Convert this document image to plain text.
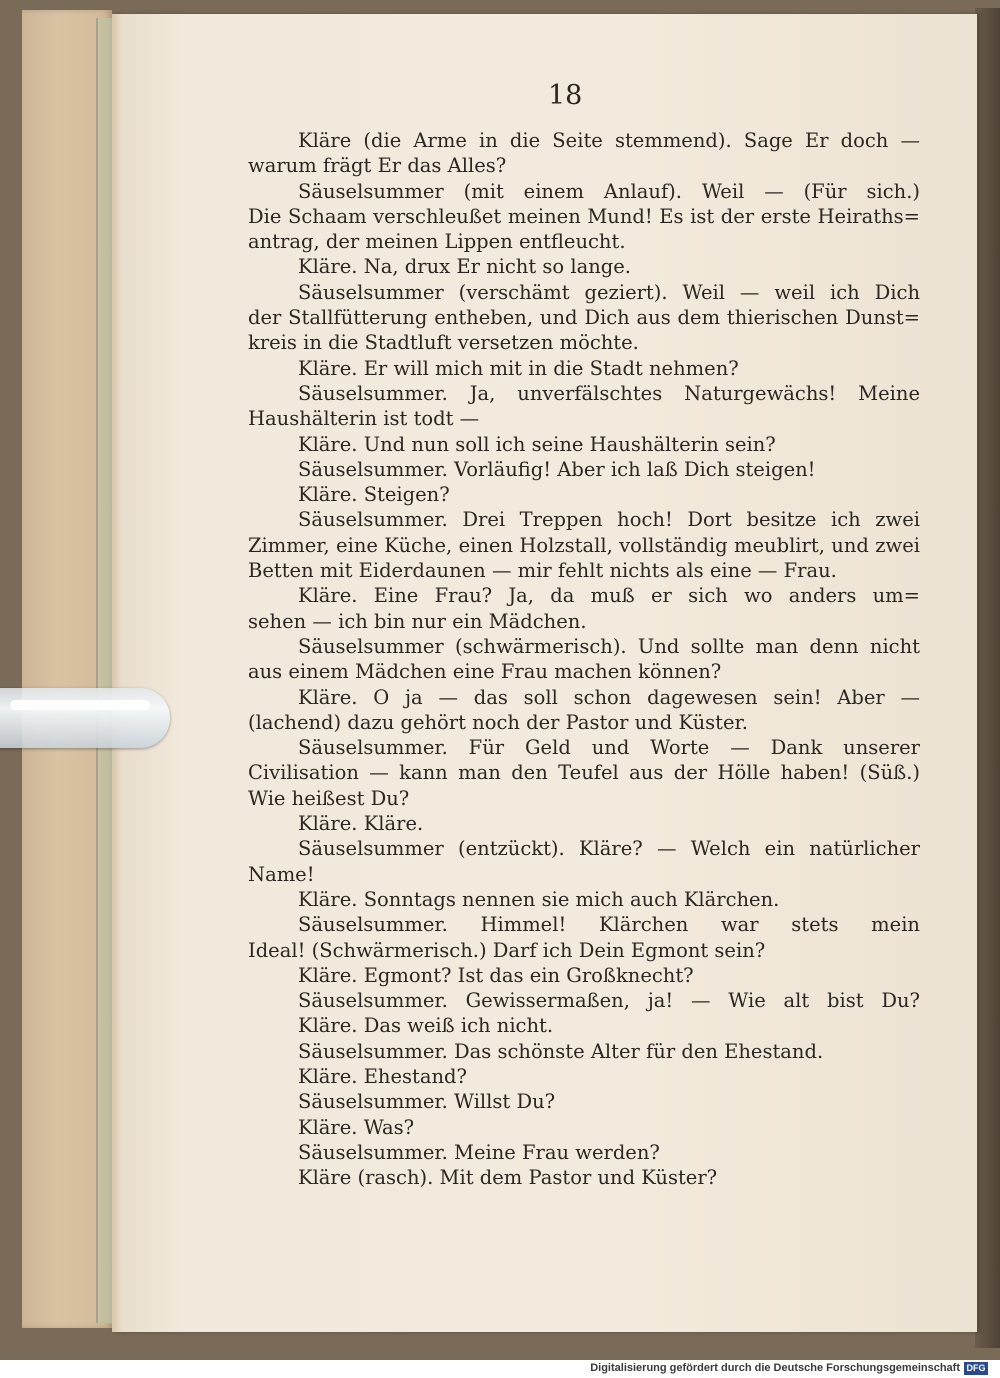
18
Kläre (die Arme in die Seite stemmend). Sage Er doch —
warum frägt Er das Alles?
Säuselsummer (mit einem Anlauf). Weil — (Für sich.)
Die Schaam verschleußet meinen Mund! Es ist der erste Heiraths=
antrag, der meinen Lippen entfleucht.
Kläre. Na, drux Er nicht so lange.
Säuselsummer (verschämt geziert). Weil — weil ich Dich
der Stallfütterung entheben, und Dich aus dem thierischen Dunst=
kreis in die Stadtluft versetzen möchte.
Kläre. Er will mich mit in die Stadt nehmen?
Säuselsummer. Ja, unverfälschtes Naturgewächs! Meine
Haushälterin ist todt —
Kläre. Und nun soll ich seine Haushälterin sein?
Säuselsummer. Vorläufig! Aber ich laß Dich steigen!
Kläre. Steigen?
Säuselsummer. Drei Treppen hoch! Dort besitze ich zwei
Zimmer, eine Küche, einen Holzstall, vollständig meublirt, und zwei
Betten mit Eiderdaunen — mir fehlt nichts als eine — Frau.
Kläre. Eine Frau? Ja, da muß er sich wo anders um=
sehen — ich bin nur ein Mädchen.
Säuselsummer (schwärmerisch). Und sollte man denn nicht
aus einem Mädchen eine Frau machen können?
Kläre. O ja — das soll schon dagewesen sein! Aber —
(lachend) dazu gehört noch der Pastor und Küster.
Säuselsummer. Für Geld und Worte — Dank unserer
Civilisation — kann man den Teufel aus der Hölle haben! (Süß.)
Wie heißest Du?
Kläre. Kläre.
Säuselsummer (entzückt). Kläre? — Welch ein natürlicher
Name!
Kläre. Sonntags nennen sie mich auch Klärchen.
Säuselsummer. Himmel! Klärchen war stets mein
Ideal! (Schwärmerisch.) Darf ich Dein Egmont sein?
Kläre. Egmont? Ist das ein Großknecht?
Säuselsummer. Gewissermaßen, ja! — Wie alt bist Du?
Kläre. Das weiß ich nicht.
Säuselsummer. Das schönste Alter für den Ehestand.
Kläre. Ehestand?
Säuselsummer. Willst Du?
Kläre. Was?
Säuselsummer. Meine Frau werden?
Kläre (rasch). Mit dem Pastor und Küster?
Digitalisierung gefördert durch die Deutsche Forschungsgemeinschaft DFG
